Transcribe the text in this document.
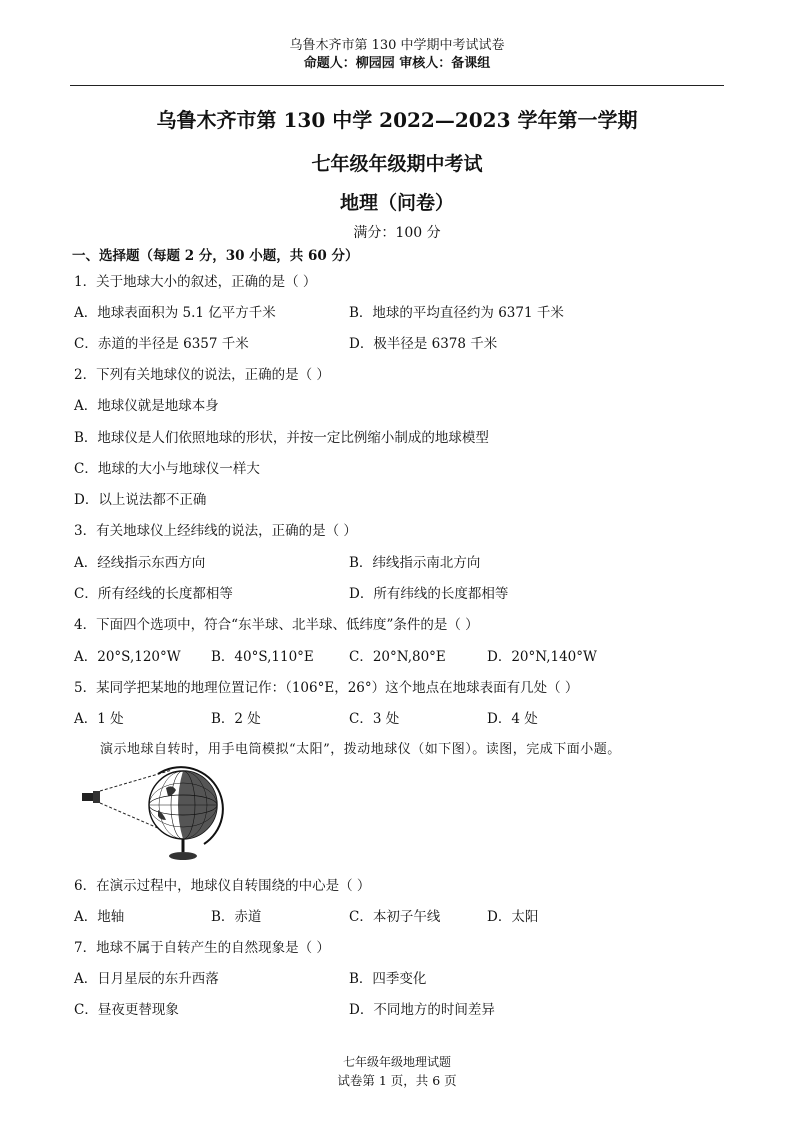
乌鲁木齐市第 130 中学期中考试试卷
命题人：柳园园 审核人：备课组
乌鲁木齐市第 130 中学 2022—2023 学年第一学期
七年级年级期中考试
地理（问卷）
满分：100 分
一、选择题（每题 2 分，30 小题，共 60 分）
1．关于地球大小的叙述，正确的是（ ）
A．地球表面积为 5.1 亿平方千米	B．地球的平均直径约为 6371 千米
C．赤道的半径是 6357 千米	D．极半径是 6378 千米
2．下列有关地球仪的说法，正确的是（ ）
A．地球仪就是地球本身
B．地球仪是人们依照地球的形状，并按一定比例缩小制成的地球模型
C．地球的大小与地球仪一样大
D．以上说法都不正确
3．有关地球仪上经纬线的说法，正确的是（ ）
A．经线指示东西方向	B．纬线指示南北方向
C．所有经线的长度都相等	D．所有纬线的长度都相等
4．下面四个选项中，符合“东半球、北半球、低纬度”条件的是（ ）
A．20°S,120°W B．40°S,110°E	C．20°N,80°E	D．20°N,140°W
5．某同学把某地的地理位置记作：（106°E，26°）这个地点在地球表面有几处（ ）
A．1 处	B．2 处	C．3 处	D．4 处
演示地球自转时，用手电筒模拟“太阳”，拨动地球仪（如下图）。读图，完成下面小题。
6．在演示过程中，地球仪自转围绕的中心是（ ）
A．地轴	B．赤道	C．本初子午线	D．太阳
7．地球不属于自转产生的自然现象是（ ）
A．日月星辰的东升西落	B．四季变化
C．昼夜更替现象	D．不同地方的时间差异
七年级年级地理试题
试卷第 1 页，共 6 页
